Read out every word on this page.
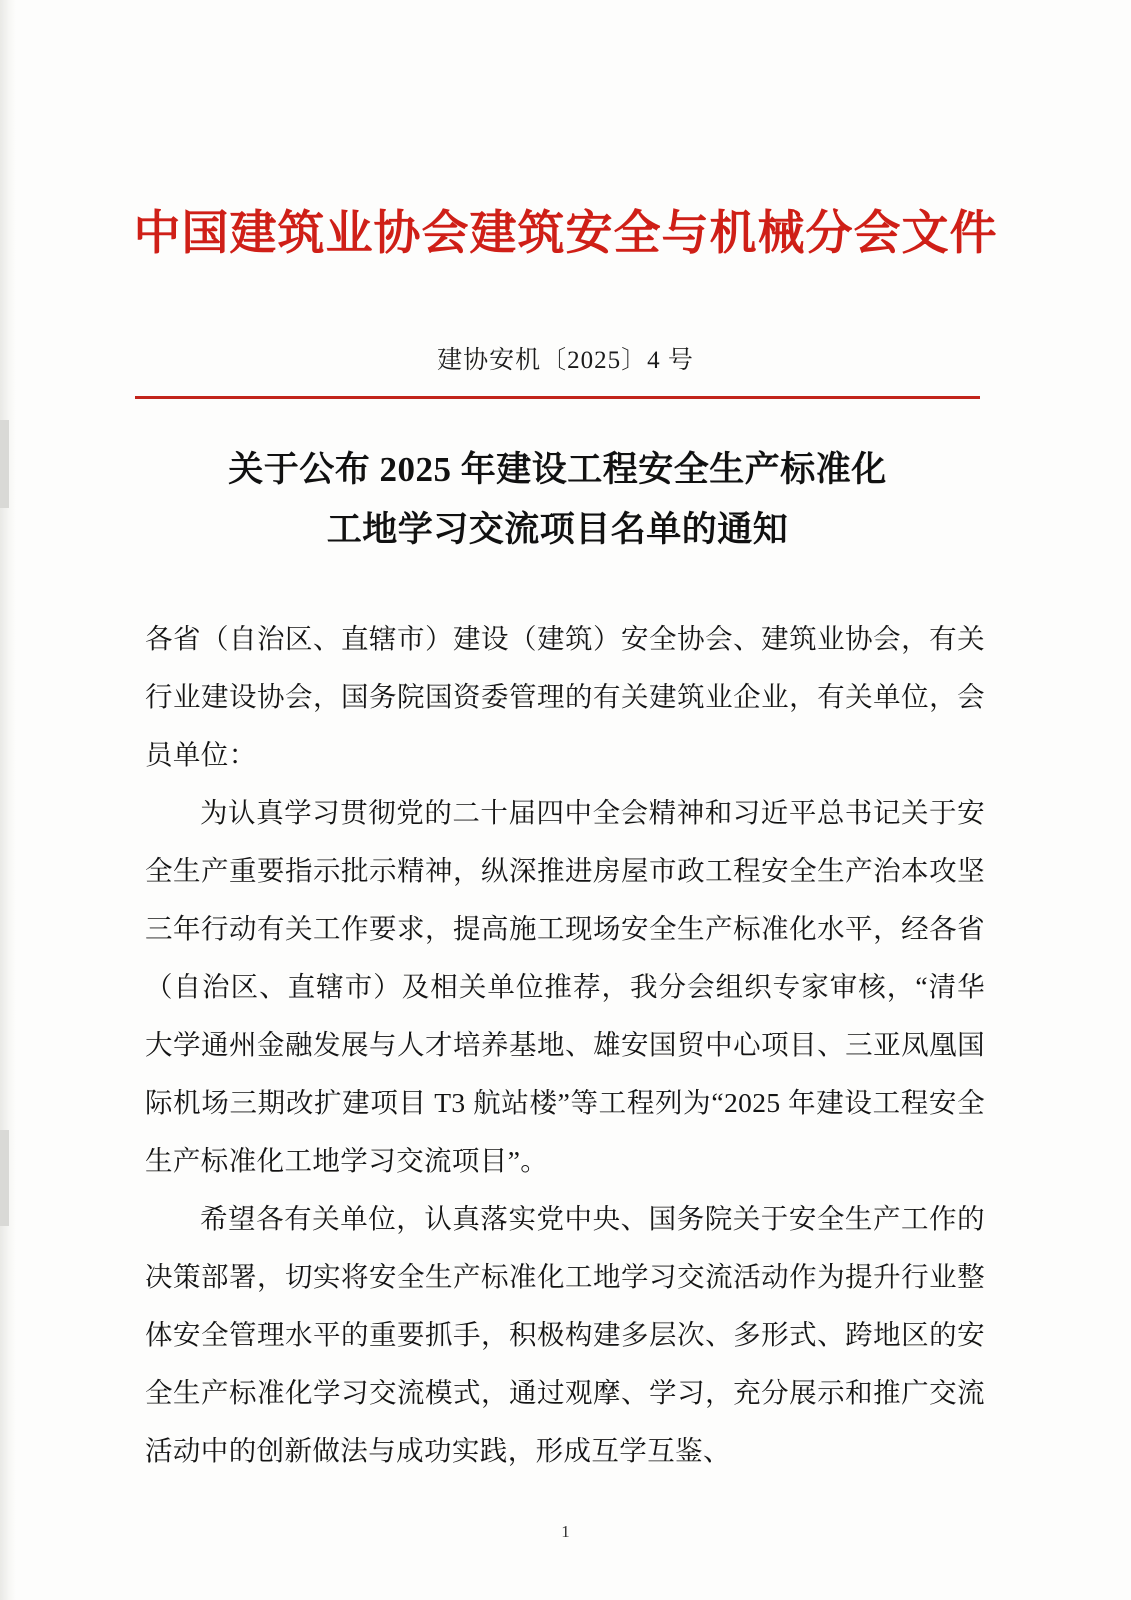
中国建筑业协会建筑安全与机械分会文件
建协安机〔2025〕4 号
关于公布 2025 年建设工程安全生产标准化
工地学习交流项目名单的通知

各省（自治区、直辖市）建设（建筑）安全协会、建筑业协会，有关行业建设协会，国务院国资委管理的有关建筑业企业，有关单位，会员单位：

为认真学习贯彻党的二十届四中全会精神和习近平总书记关于安全生产重要指示批示精神，纵深推进房屋市政工程安全生产治本攻坚三年行动有关工作要求，提高施工现场安全生产标准化水平，经各省（自治区、直辖市）及相关单位推荐，我分会组织专家审核，“清华大学通州金融发展与人才培养基地、雄安国贸中心项目、三亚凤凰国际机场三期改扩建项目 T3 航站楼”等工程列为“2025 年建设工程安全生产标准化工地学习交流项目”。

希望各有关单位，认真落实党中央、国务院关于安全生产工作的决策部署，切实将安全生产标准化工地学习交流活动作为提升行业整体安全管理水平的重要抓手，积极构建多层次、多形式、跨地区的安全生产标准化学习交流模式，通过观摩、学习，充分展示和推广交流活动中的创新做法与成功实践，形成互学互鉴、

1
